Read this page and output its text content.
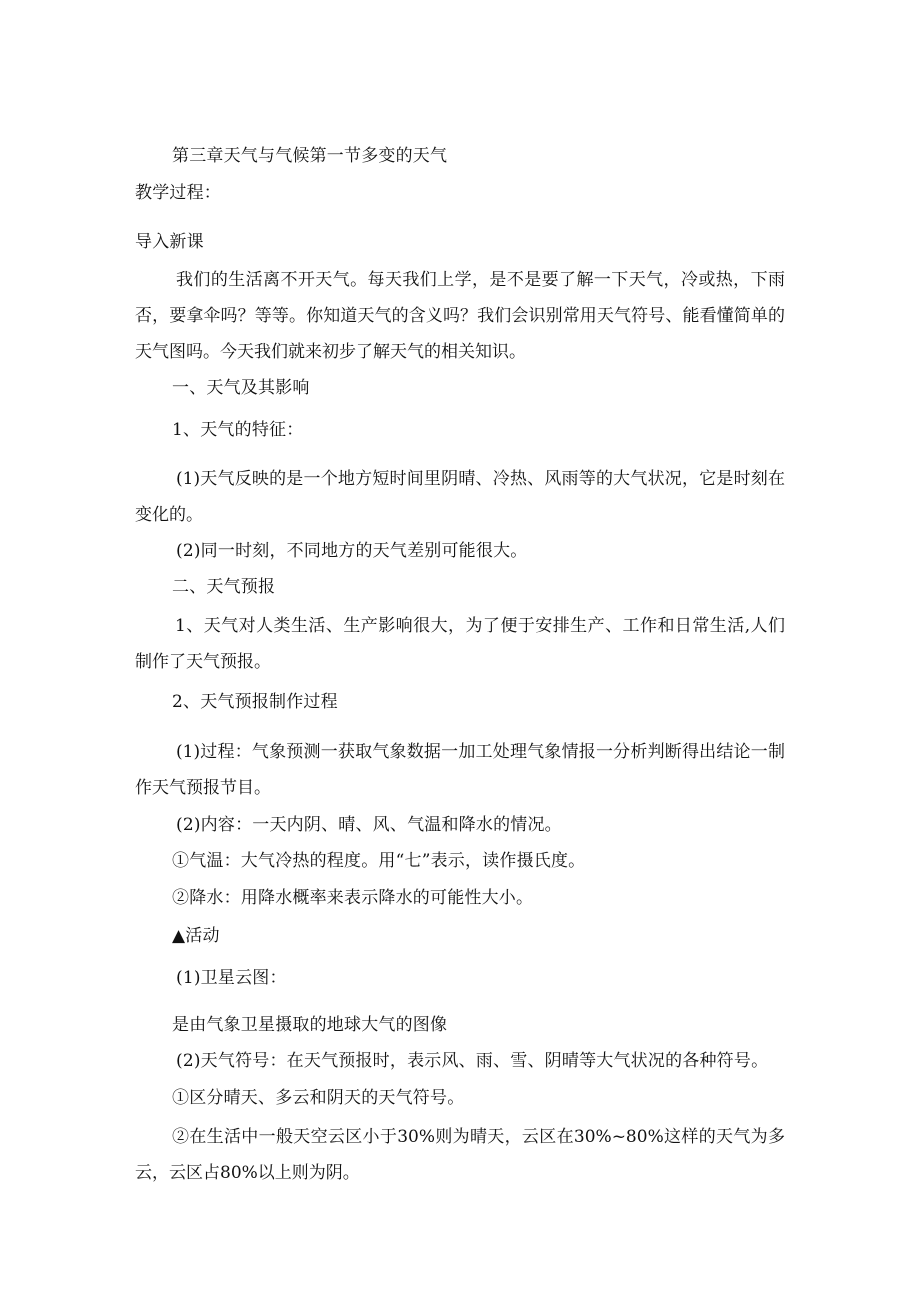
第三章天气与气候第一节多变的天气

教学过程：

导入新课

我们的生活离不开天气。每天我们上学，是不是要了解一下天气，冷或热，下雨否，要拿伞吗？等等。你知道天气的含义吗？我们会识别常用天气符号、能看懂简单的天气图吗。今天我们就来初步了解天气的相关知识。

一、天气及其影响

1、天气的特征：

(1)天气反映的是一个地方短时间里阴晴、冷热、风雨等的大气状况，它是时刻在变化的。

(2)同一时刻，不同地方的天气差别可能很大。

二、天气预报

1、天气对人类生活、生产影响很大，为了便于安排生产、工作和日常生活,人们制作了天气预报。

2、天气预报制作过程

(1)过程：气象预测一获取气象数据一加工处理气象情报一分析判断得出结论一制作天气预报节目。

(2)内容：一天内阴、晴、风、气温和降水的情况。

①气温：大气冷热的程度。用“七”表示，读作摄氏度。

②降水：用降水概率来表示降水的可能性大小。

▲活动

(1)卫星云图：

是由气象卫星摄取的地球大气的图像

(2)天气符号：在天气预报时，表示风、雨、雪、阴晴等大气状况的各种符号。

①区分晴天、多云和阴天的天气符号。

②在生活中一般天空云区小于30%则为晴天，云区在30%~80%这样的天气为多云，云区占80%以上则为阴。
